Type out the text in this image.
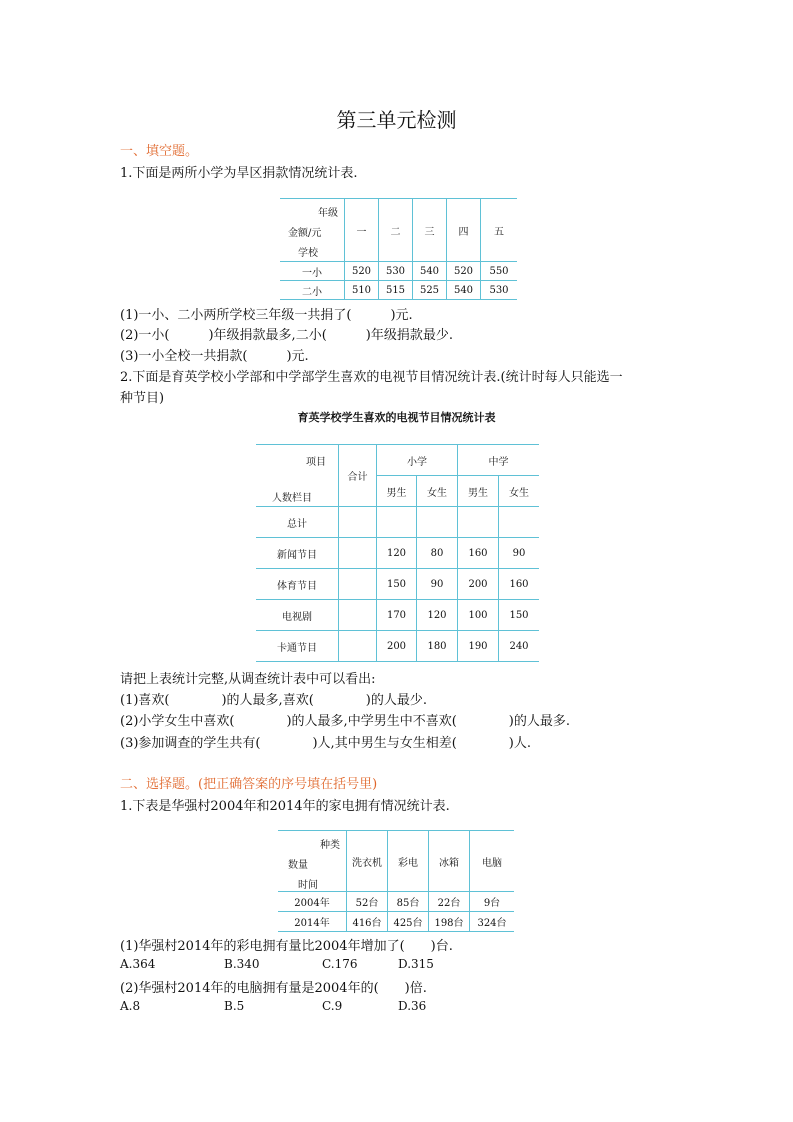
第三单元检测
一、填空题。
1.下面是两所小学为旱区捐款情况统计表.
年级
金额/元
学校	一	二	三	四	五
一小	520	530	540	520	550
二小	510	515	525	540	530
(1)一小、二小两所学校三年级一共捐了(　　　)元.
(2)一小(　　　)年级捐款最多,二小(　　　)年级捐款最少.
(3)一小全校一共捐款(　　　)元.
2.下面是育英学校小学部和中学部学生喜欢的电视节目情况统计表.(统计时每人只能选一
种节目)
育英学校学生喜欢的电视节目情况统计表
项目
人数栏目	合计	小学		中学	
		男生	女生	男生	女生
总计					
新闻节目		120	80	160	90
体育节目		150	90	200	160
电视剧		170	120	100	150
卡通节目		200	180	190	240
请把上表统计完整,从调查统计表中可以看出:
(1)喜欢(　　　　)的人最多,喜欢(　　　　)的人最少.
(2)小学女生中喜欢(　　　　)的人最多,中学男生中不喜欢(　　　　)的人最多.
(3)参加调查的学生共有(　　　　)人,其中男生与女生相差(　　　　)人.
二、选择题。(把正确答案的序号填在括号里)
1.下表是华强村2004年和2014年的家电拥有情况统计表.
种类
数量
时间	洗衣机	彩电	冰箱	电脑
2004年	52台	85台	22台	9台
2014年	416台	425台	198台	324台
(1)华强村2014年的彩电拥有量比2004年增加了(　　)台.
A.364	B.340	C.176	D.315
(2)华强村2014年的电脑拥有量是2004年的(　　)倍.
A.8	B.5	C.9	D.36
